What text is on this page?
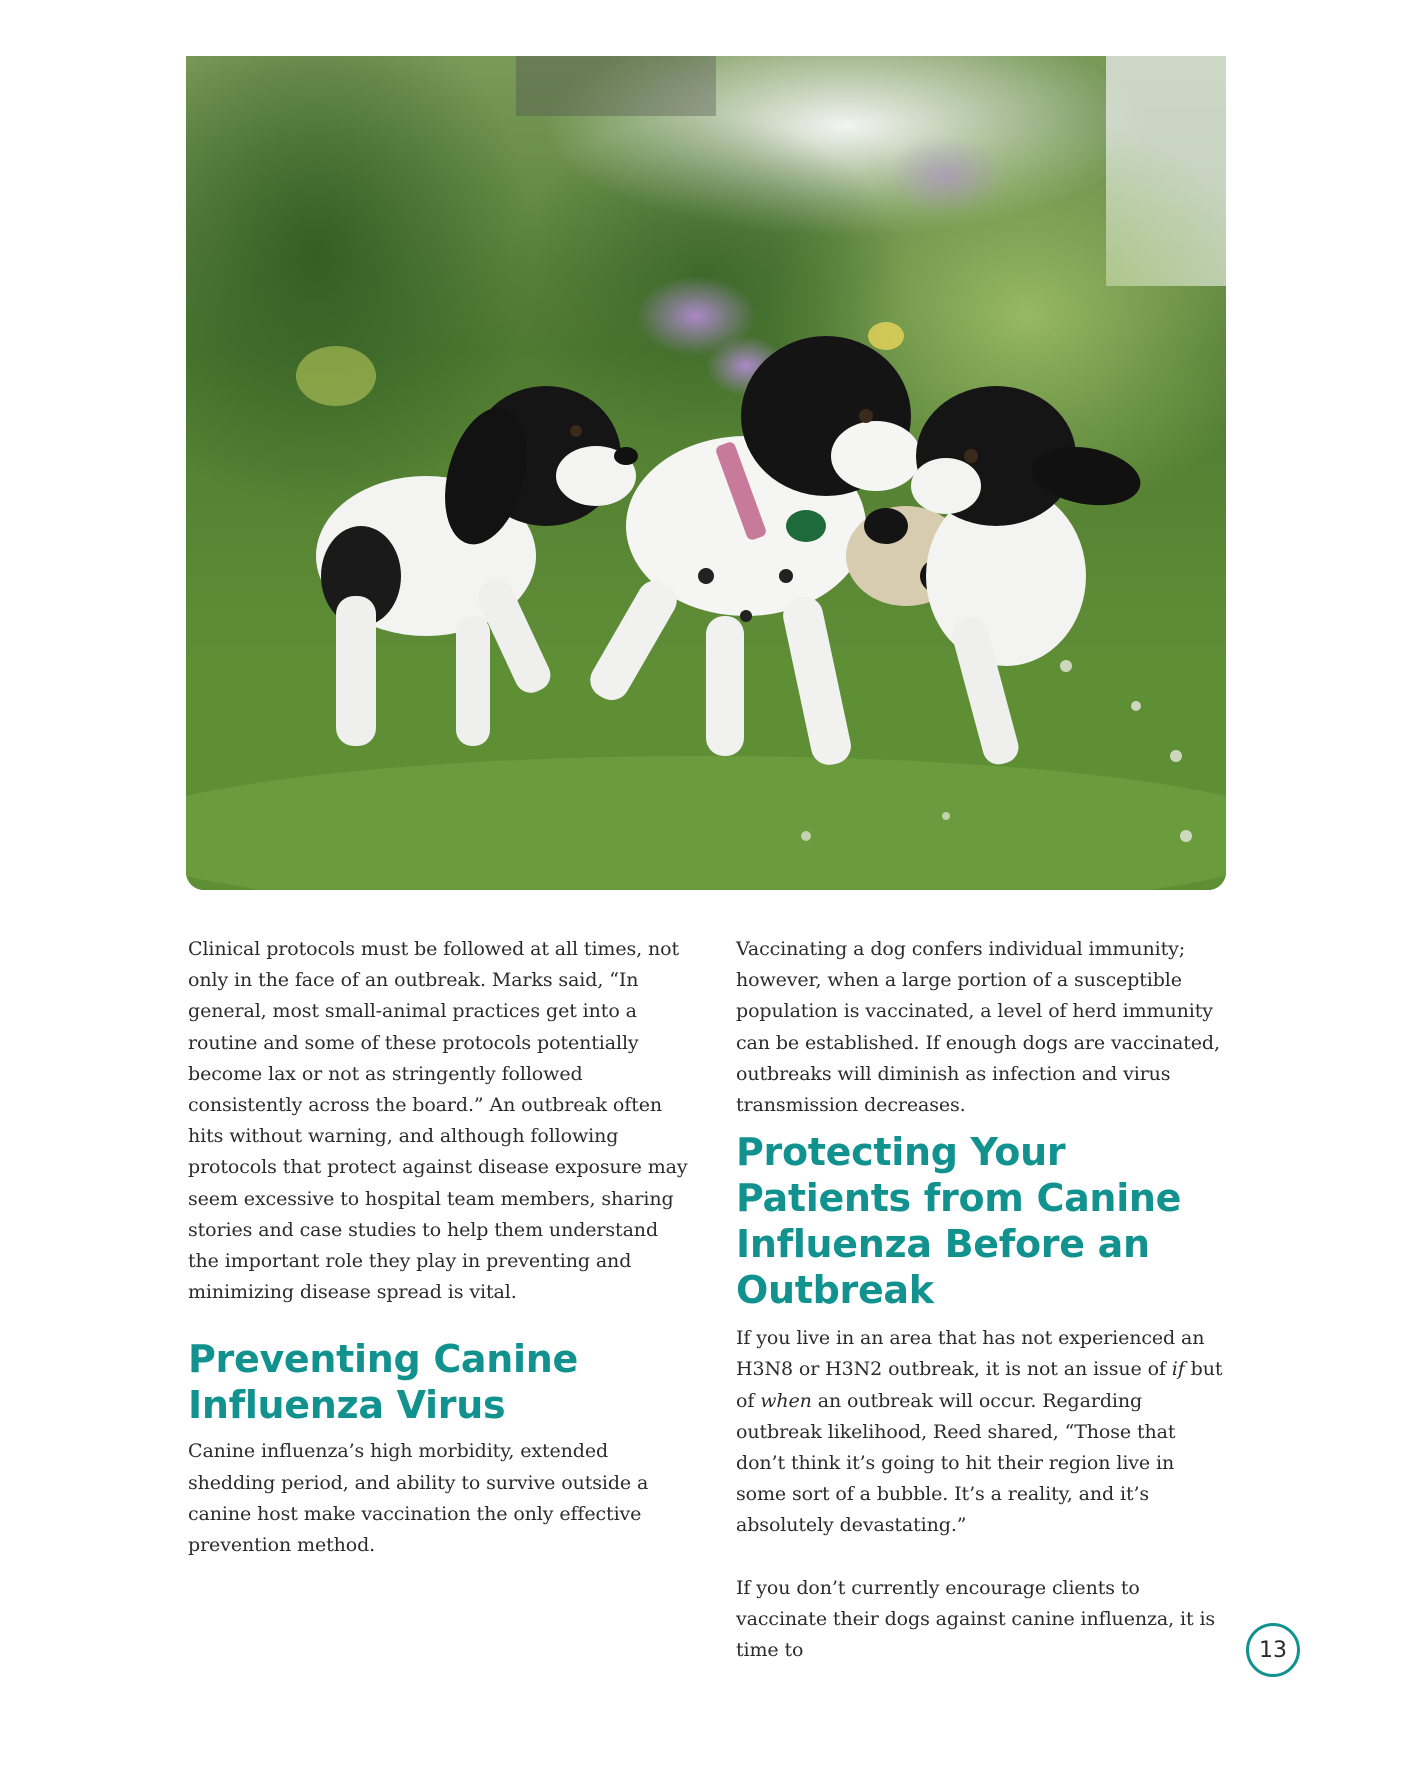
Clinical protocols must be followed at all times, not only in the face of an outbreak. Marks said, “In general, most small-animal practices get into a routine and some of these protocols potentially become lax or not as stringently followed consistently across the board.” An outbreak often hits without warning, and although following protocols that protect against disease exposure may seem excessive to hospital team members, sharing stories and case studies to help them understand the important role they play in preventing and minimizing disease spread is vital.

Preventing Canine Influenza Virus

Canine influenza’s high morbidity, extended shedding period, and ability to survive outside a canine host make vaccination the only effective prevention method.

Vaccinating a dog confers individual immunity; however, when a large portion of a susceptible population is vaccinated, a level of herd immunity can be established. If enough dogs are vaccinated, outbreaks will diminish as infection and virus transmission decreases.

Protecting Your Patients from Canine Influenza Before an Outbreak

If you live in an area that has not experienced an H3N8 or H3N2 outbreak, it is not an issue of if but of when an outbreak will occur. Regarding outbreak likelihood, Reed shared, “Those that don’t think it’s going to hit their region live in some sort of a bubble. It’s a reality, and it’s absolutely devastating.”

If you don’t currently encourage clients to vaccinate their dogs against canine influenza, it is time to	13
